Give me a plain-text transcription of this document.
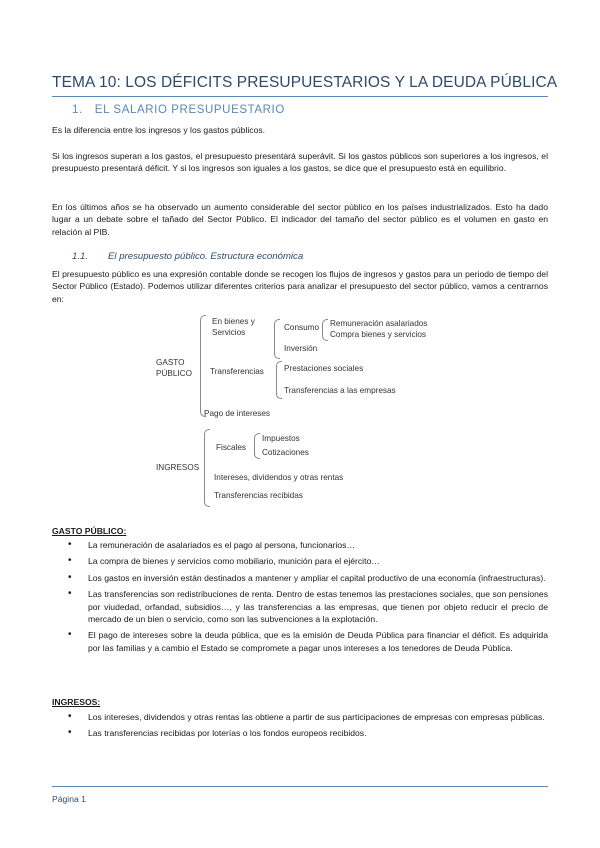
TEMA 10: LOS DÉFICITS PRESUPUESTARIOS Y LA DEUDA PÚBLICA
1. EL SALARIO PRESUPUESTARIO
Es la diferencia entre los ingresos y los gastos públicos.
Si los ingresos superan a los gastos, el presupuesto presentará superávit. Si los gastos públicos son superiores a los ingresos, el presupuesto presentará déficit. Y si los ingresos son iguales a los gastos, se dice que el presupuesto está en equilibrio.
En los últimos años se ha observado un aumento considerable del sector público en los países industrializados. Esto ha dado lugar a un debate sobre el tañado del Sector Público. El indicador del tamaño del sector público es el volumen en gasto en relación al PIB.
1.1. El presupuesto público. Estructura económica
El presupuesto público es una expresión contable donde se recogen los flujos de ingresos y gastos para un periodo de tiempo del Sector Público (Estado). Podemos utilizar diferentes criterios para analizar el presupuesto del sector público, vamos a centrarnos en:
GASTO
PÚBLICO
En bienes y
Servicios	Consumo Remuneración asalariados
Compra bienes y servicios
Inversión
Transferencias Prestaciones sociales
Transferencias a las empresas
Pago de intereses
INGRESOS
Fiscales
Impuestos
Cotizaciones
Intereses, dividendos y otras rentas
Transferencias recibidas
GASTO PÚBLICO:
• La remuneración de asalariados es el pago al persona, funcionarios…
• La compra de bienes y servicios como mobiliario, munición para el ejército…
• Los gastos en inversión están destinados a mantener y ampliar el capital productivo de una economía (infraestructuras).
• Las transferencias son redistribuciones de renta. Dentro de estas tenemos las prestaciones sociales, que son pensiones por viudedad, orfandad, subsidios…, y las transferencias a las empresas, que tienen por objeto reducir el precio de mercado de un bien o servicio, como son las subvenciones a la explotación.
• El pago de intereses sobre la deuda pública, que es la emisión de Deuda Pública para financiar el déficit. Es adquirida por las familias y a cambio el Estado se compromete a pagar unos intereses a los tenedores de Deuda Pública.
INGRESOS:
• Los intereses, dividendos y otras rentas las obtiene a partir de sus participaciones de empresas con empresas públicas.
• Las transferencias recibidas por loterías o los fondos europeos recibidos.
Página 1
